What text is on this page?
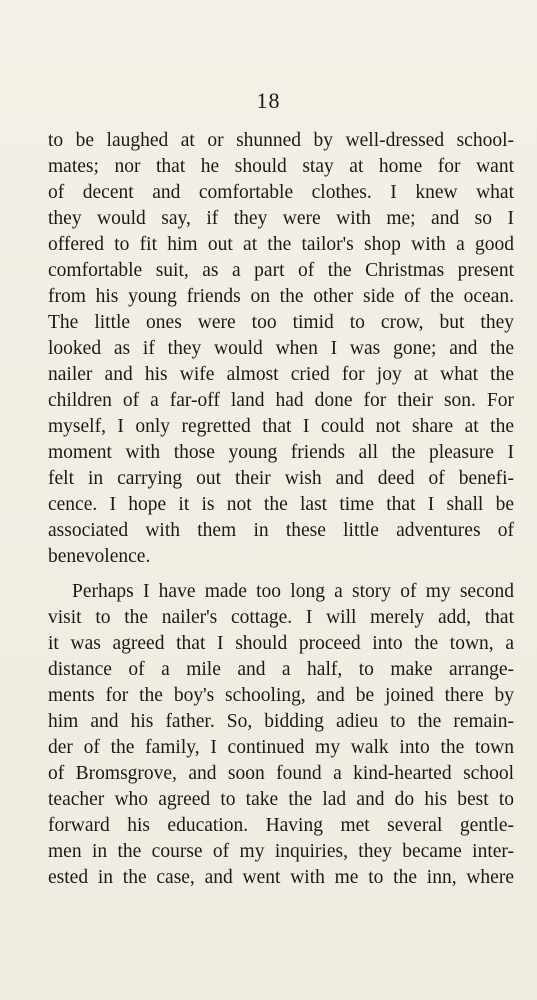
18
to be laughed at or shunned by well-dressed school-
mates; nor that he should stay at home for want
of decent and comfortable clothes. I knew what
they would say, if they were with me; and so I
offered to fit him out at the tailor's shop with a good
comfortable suit, as a part of the Christmas present
from his young friends on the other side of the ocean.
The little ones were too timid to crow, but they
looked as if they would when I was gone; and the
nailer and his wife almost cried for joy at what the
children of a far-off land had done for their son. For
myself, I only regretted that I could not share at the
moment with those young friends all the pleasure I
felt in carrying out their wish and deed of benefi-
cence. I hope it is not the last time that I shall be
associated with them in these little adventures of
benevolence.
Perhaps I have made too long a story of my second
visit to the nailer's cottage. I will merely add, that
it was agreed that I should proceed into the town, a
distance of a mile and a half, to make arrange-
ments for the boy's schooling, and be joined there by
him and his father. So, bidding adieu to the remain-
der of the family, I continued my walk into the town
of Bromsgrove, and soon found a kind-hearted school
teacher who agreed to take the lad and do his best to
forward his education. Having met several gentle-
men in the course of my inquiries, they became inter-
ested in the case, and went with me to the inn, where
